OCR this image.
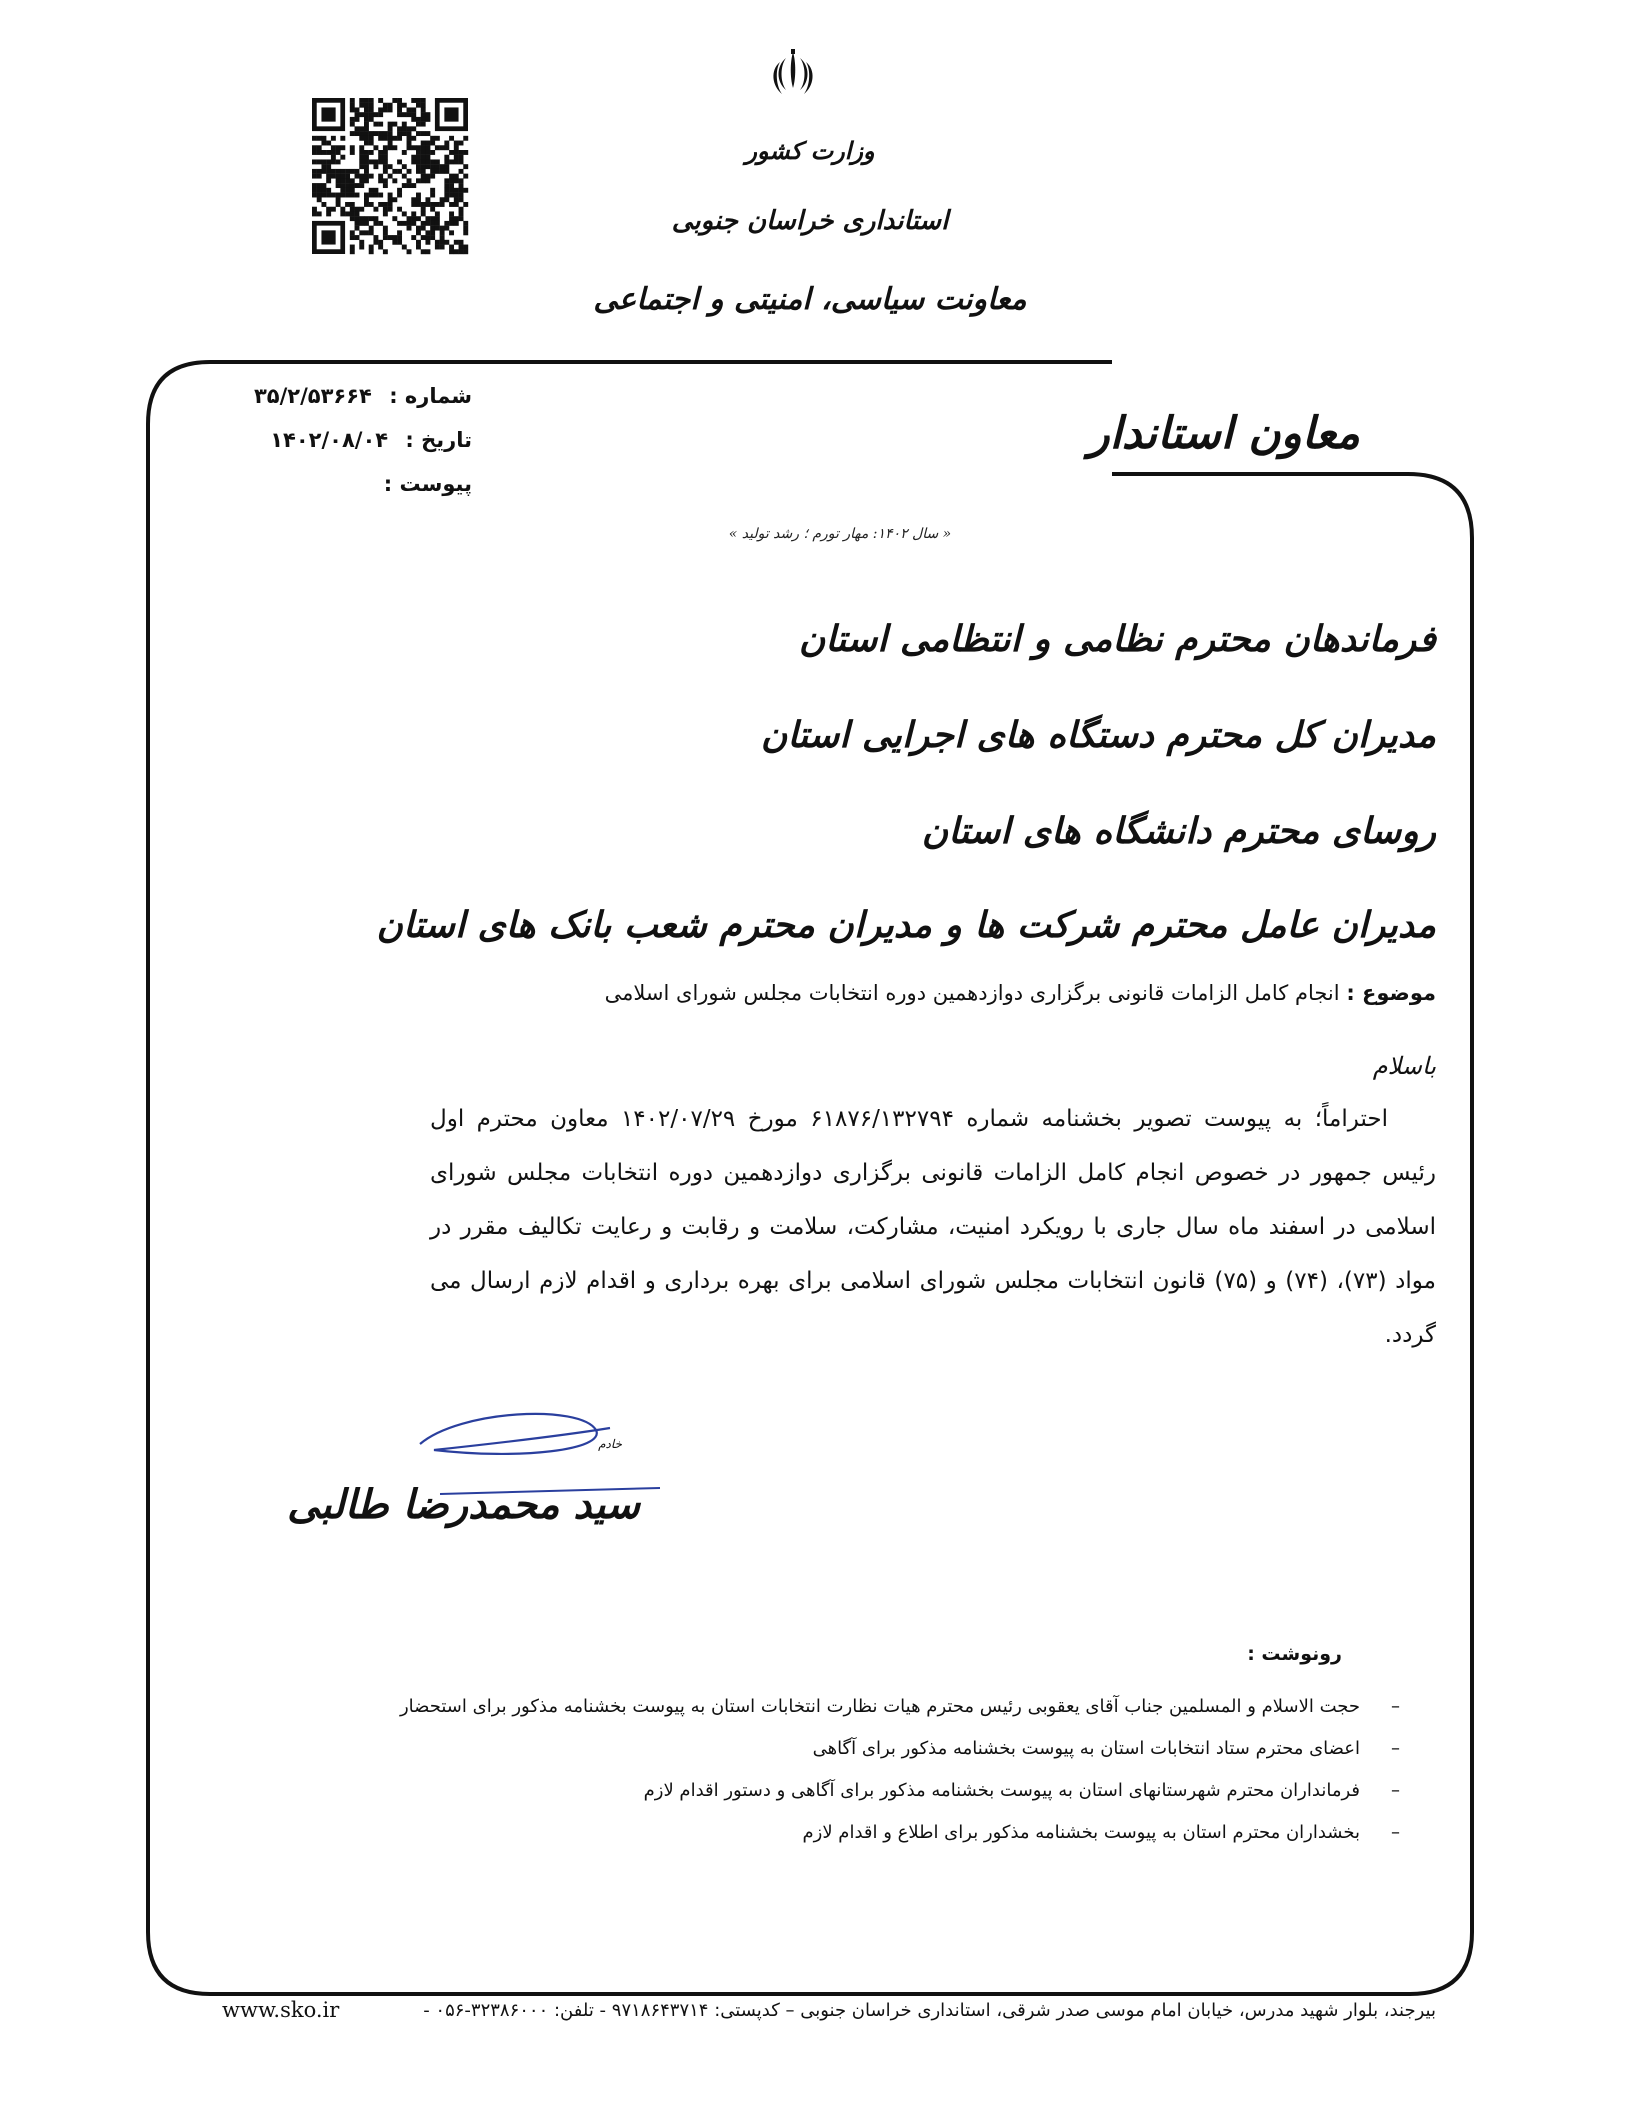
وزارت کشور
استانداری خراسان جنوبی
معاونت سیاسی، امنیتی و اجتماعی
شماره : ۳۵/۲/۵۳۶۶۴
تاریخ : ۱۴۰۲/۰۸/۰۴
پیوست :
معاون استاندار
« سال ۱۴۰۲: مهار تورم ؛ رشد تولید »
فرماندهان محترم نظامی و انتظامی استان
مدیران کل محترم دستگاه های اجرایی استان
روسای محترم دانشگاه های استان
مدیران عامل محترم شرکت ها و مدیران محترم شعب بانک های استان
موضوع : انجام کامل الزامات قانونی برگزاری دوازدهمین دوره انتخابات مجلس شورای اسلامی
باسلام

احتراماً؛ به پیوست تصویر بخشنامه شماره ۶۱۸۷۶/۱۳۲۷۹۴ مورخ ۱۴۰۲/۰۷/۲۹ معاون محترم اول رئیس جمهور در خصوص انجام کامل الزامات قانونی برگزاری دوازدهمین دوره انتخابات مجلس شورای اسلامی در اسفند ماه سال جاری با رویکرد امنیت، مشارکت، سلامت و رقابت و رعایت تکالیف مقرر در مواد (۷۳)، (۷۴) و (۷۵) قانون انتخابات مجلس شورای اسلامی برای بهره برداری و اقدام لازم ارسال می گردد.

خادم
سید محمدرضا طالبی
رونوشت :
–حجت الاسلام و المسلمین جناب آقای یعقوبی رئیس محترم هیات نظارت انتخابات استان به پیوست بخشنامه مذکور برای استحضار
–اعضای محترم ستاد انتخابات استان به پیوست بخشنامه مذکور برای آگاهی
–فرمانداران محترم شهرستانهای استان به پیوست بخشنامه مذکور برای آگاهی و دستور اقدام لازم
–بخشداران محترم استان به پیوست بخشنامه مذکور برای اطلاع و اقدام لازم
بیرجند، بلوار شهید مدرس، خیابان امام موسی صدر شرقی، استانداری خراسان جنوبی – کدپستی: ۹۷۱۸۶۴۳۷۱۴ - تلفن: ۳۲۳۸۶۰۰۰-۰۵۶ -
www.sko.ir
